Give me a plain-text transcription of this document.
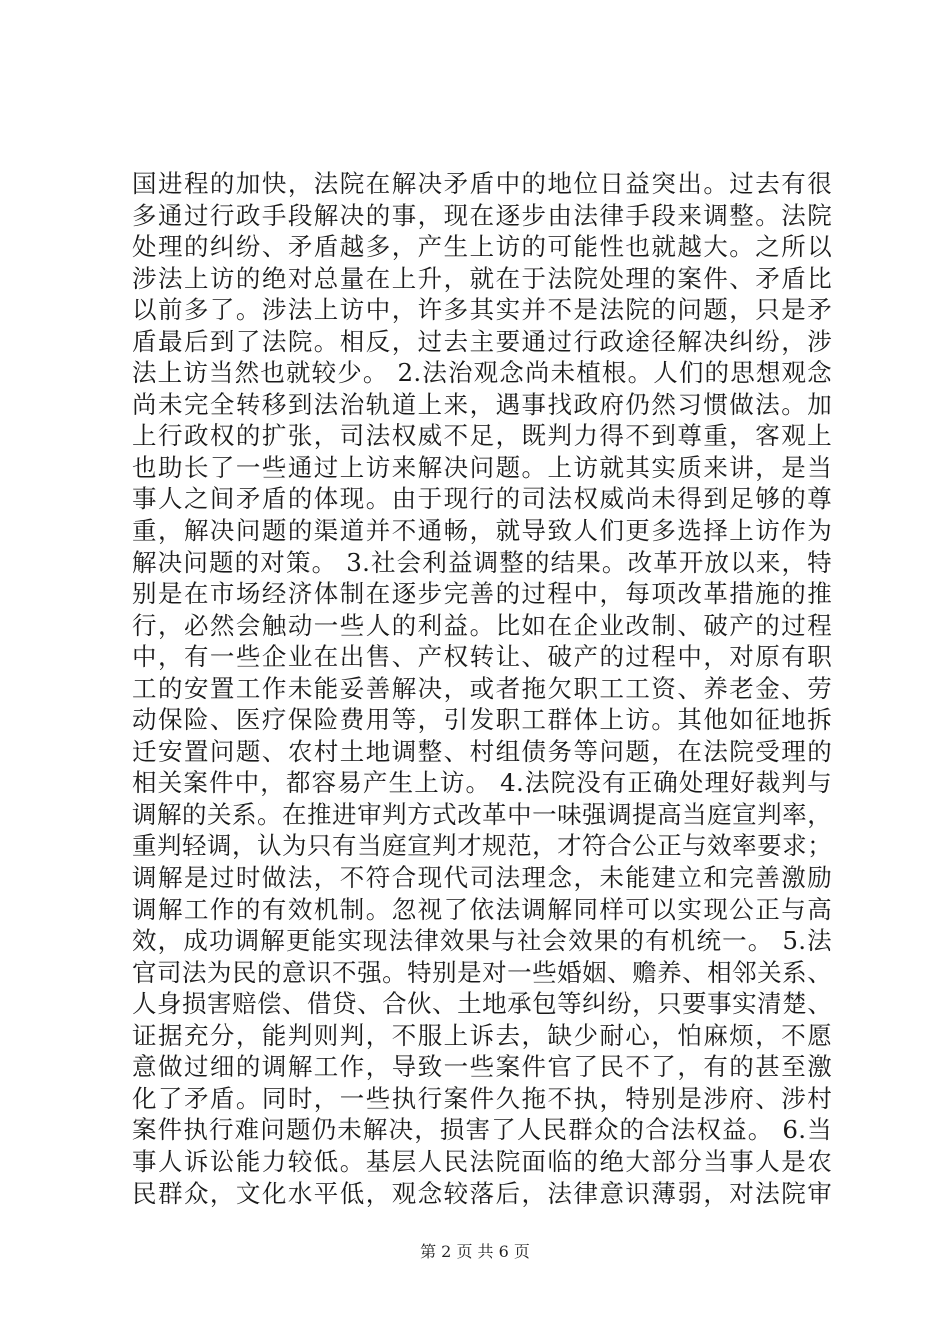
国进程的加快，法院在解决矛盾中的地位日益突出。过去有很
多通过行政手段解决的事，现在逐步由法律手段来调整。法院
处理的纠纷、矛盾越多，产生上访的可能性也就越大。之所以
涉法上访的绝对总量在上升，就在于法院处理的案件、矛盾比
以前多了。涉法上访中，许多其实并不是法院的问题，只是矛
盾最后到了法院。相反，过去主要通过行政途径解决纠纷，涉
法上访当然也就较少。 2.法治观念尚未植根。人们的思想观念
尚未完全转移到法治轨道上来，遇事找政府仍然习惯做法。加
上行政权的扩张，司法权威不足，既判力得不到尊重，客观上
也助长了一些通过上访来解决问题。上访就其实质来讲，是当
事人之间矛盾的体现。由于现行的司法权威尚未得到足够的尊
重，解决问题的渠道并不通畅，就导致人们更多选择上访作为
解决问题的对策。 3.社会利益调整的结果。改革开放以来，特
别是在市场经济体制在逐步完善的过程中，每项改革措施的推
行，必然会触动一些人的利益。比如在企业改制、破产的过程
中，有一些企业在出售、产权转让、破产的过程中，对原有职
工的安置工作未能妥善解决，或者拖欠职工工资、养老金、劳
动保险、医疗保险费用等，引发职工群体上访。其他如征地拆
迁安置问题、农村土地调整、村组债务等问题，在法院受理的
相关案件中，都容易产生上访。 4.法院没有正确处理好裁判与
调解的关系。在推进审判方式改革中一味强调提高当庭宣判率，
重判轻调，认为只有当庭宣判才规范，才符合公正与效率要求；
调解是过时做法，不符合现代司法理念，未能建立和完善激励
调解工作的有效机制。忽视了依法调解同样可以实现公正与高
效，成功调解更能实现法律效果与社会效果的有机统一。 5.法
官司法为民的意识不强。特别是对一些婚姻、赡养、相邻关系、
人身损害赔偿、借贷、合伙、土地承包等纠纷，只要事实清楚、
证据充分，能判则判，不服上诉去，缺少耐心，怕麻烦，不愿
意做过细的调解工作，导致一些案件官了民不了，有的甚至激
化了矛盾。同时，一些执行案件久拖不执，特别是涉府、涉村
案件执行难问题仍未解决，损害了人民群众的合法权益。 6.当
事人诉讼能力较低。基层人民法院面临的绝大部分当事人是农
民群众，文化水平低，观念较落后，法律意识薄弱，对法院审
第 2 页 共 6 页
